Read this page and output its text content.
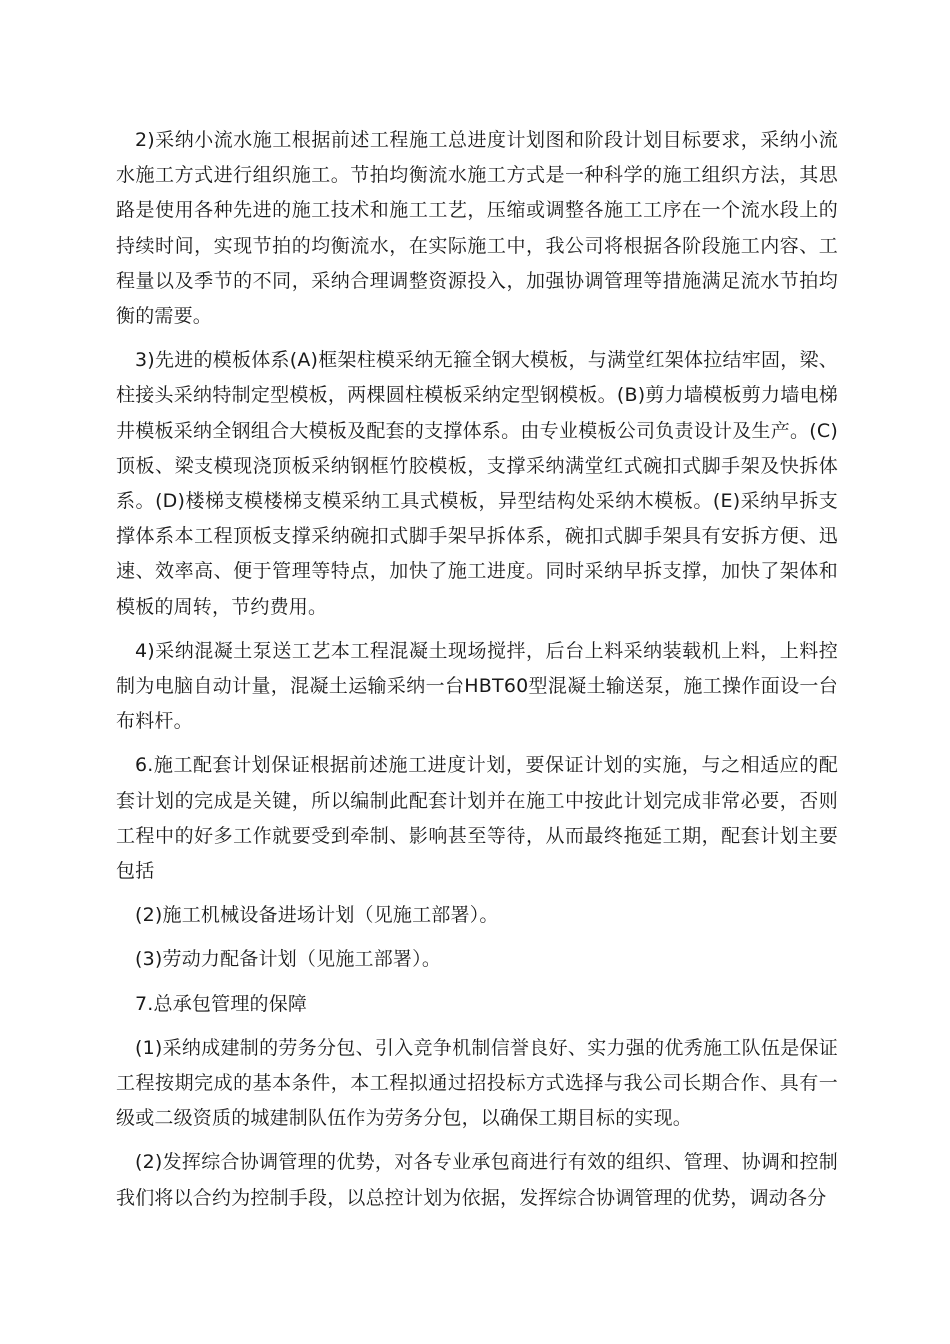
2)采纳小流水施工根据前述工程施工总进度计划图和阶段计划目标要求，采纳小流水施工方式进行组织施工。节拍均衡流水施工方式是一种科学的施工组织方法，其思路是使用各种先进的施工技术和施工工艺，压缩或调整各施工工序在一个流水段上的持续时间，实现节拍的均衡流水，在实际施工中，我公司将根据各阶段施工内容、工程量以及季节的不同，采纳合理调整资源投入，加强协调管理等措施满足流水节拍均衡的需要。

3)先进的模板体系(A)框架柱模采纳无箍全钢大模板，与满堂红架体拉结牢固，梁、柱接头采纳特制定型模板，两棵圆柱模板采纳定型钢模板。(B)剪力墙模板剪力墙电梯井模板采纳全钢组合大模板及配套的支撑体系。由专业模板公司负责设计及生产。(C)顶板、梁支模现浇顶板采纳钢框竹胶模板，支撑采纳满堂红式碗扣式脚手架及快拆体系。(D)楼梯支模楼梯支模采纳工具式模板，异型结构处采纳木模板。(E)采纳早拆支撑体系本工程顶板支撑采纳碗扣式脚手架早拆体系，碗扣式脚手架具有安拆方便、迅速、效率高、便于管理等特点，加快了施工进度。同时采纳早拆支撑，加快了架体和模板的周转，节约费用。

4)采纳混凝土泵送工艺本工程混凝土现场搅拌，后台上料采纳装载机上料，上料控制为电脑自动计量，混凝土运输采纳一台HBT60型混凝土输送泵，施工操作面设一台布料杆。

6.施工配套计划保证根据前述施工进度计划，要保证计划的实施，与之相适应的配套计划的完成是关键，所以编制此配套计划并在施工中按此计划完成非常必要，否则工程中的好多工作就要受到牵制、影响甚至等待，从而最终拖延工期，配套计划主要包括

(2)施工机械设备进场计划（见施工部署）。

(3)劳动力配备计划（见施工部署）。

7.总承包管理的保障

(1)采纳成建制的劳务分包、引入竞争机制信誉良好、实力强的优秀施工队伍是保证工程按期完成的基本条件，本工程拟通过招投标方式选择与我公司长期合作、具有一级或二级资质的城建制队伍作为劳务分包，以确保工期目标的实现。

(2)发挥综合协调管理的优势，对各专业承包商进行有效的组织、管理、协调和控制我们将以合约为控制手段，以总控计划为依据，发挥综合协调管理的优势，调动各分
